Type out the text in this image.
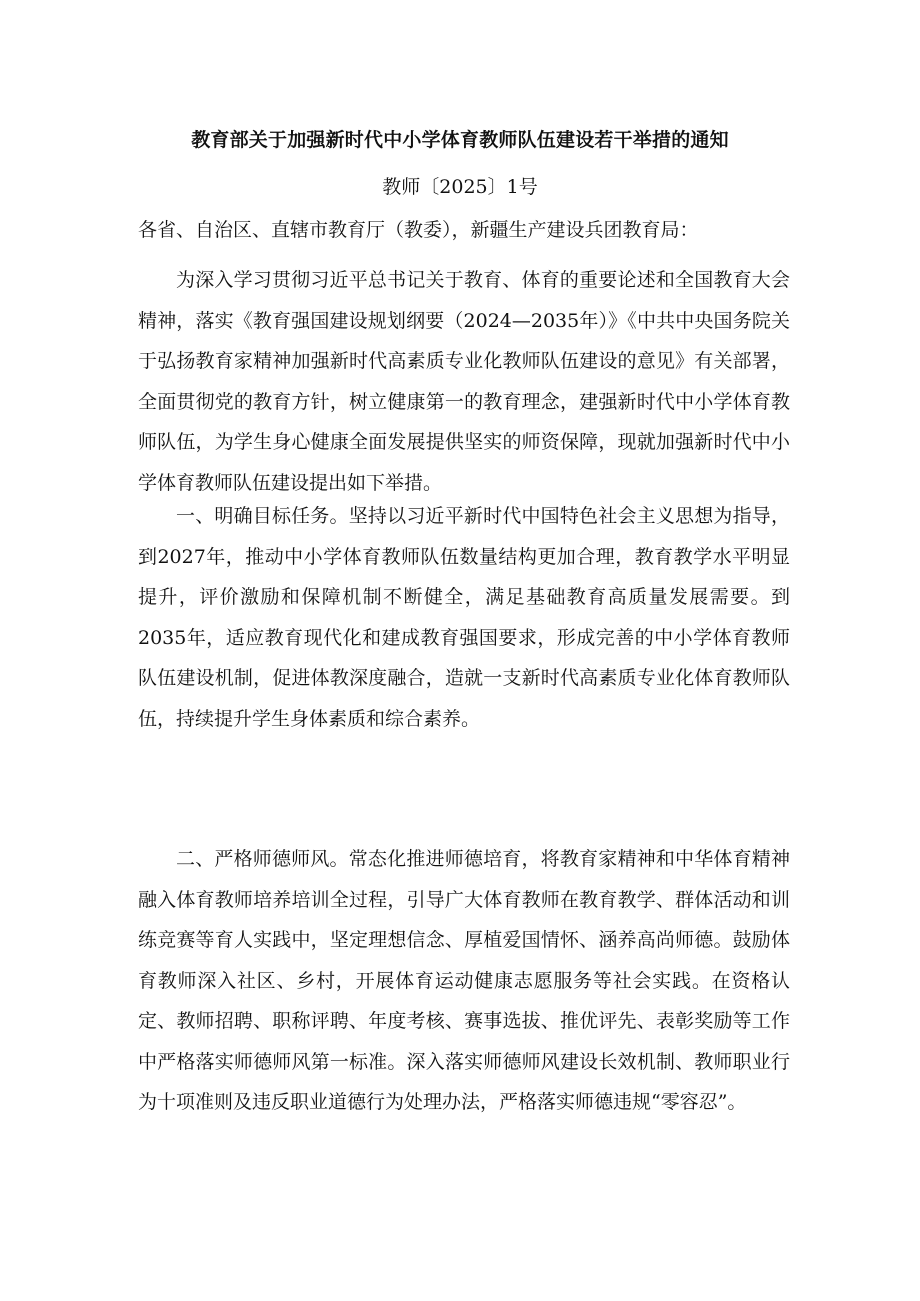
教育部关于加强新时代中小学体育教师队伍建设若干举措的通知
教师〔2025〕1号
各省、自治区、直辖市教育厅（教委），新疆生产建设兵团教育局：

为深入学习贯彻习近平总书记关于教育、体育的重要论述和全国教育大会精神，落实《教育强国建设规划纲要（2024—2035年）》《中共中央国务院关于弘扬教育家精神加强新时代高素质专业化教师队伍建设的意见》有关部署，全面贯彻党的教育方针，树立健康第一的教育理念，建强新时代中小学体育教师队伍，为学生身心健康全面发展提供坚实的师资保障，现就加强新时代中小学体育教师队伍建设提出如下举措。

一、明确目标任务。坚持以习近平新时代中国特色社会主义思想为指导，到2027年，推动中小学体育教师队伍数量结构更加合理，教育教学水平明显提升，评价激励和保障机制不断健全，满足基础教育高质量发展需要。到2035年，适应教育现代化和建成教育强国要求，形成完善的中小学体育教师队伍建设机制，促进体教深度融合，造就一支新时代高素质专业化体育教师队伍，持续提升学生身体素质和综合素养。

二、严格师德师风。常态化推进师德培育，将教育家精神和中华体育精神融入体育教师培养培训全过程，引导广大体育教师在教育教学、群体活动和训练竞赛等育人实践中，坚定理想信念、厚植爱国情怀、涵养高尚师德。鼓励体育教师深入社区、乡村，开展体育运动健康志愿服务等社会实践。在资格认定、教师招聘、职称评聘、年度考核、赛事选拔、推优评先、表彰奖励等工作中严格落实师德师风第一标准。深入落实师德师风建设长效机制、教师职业行为十项准则及违反职业道德行为处理办法，严格落实师德违规“零容忍”。
